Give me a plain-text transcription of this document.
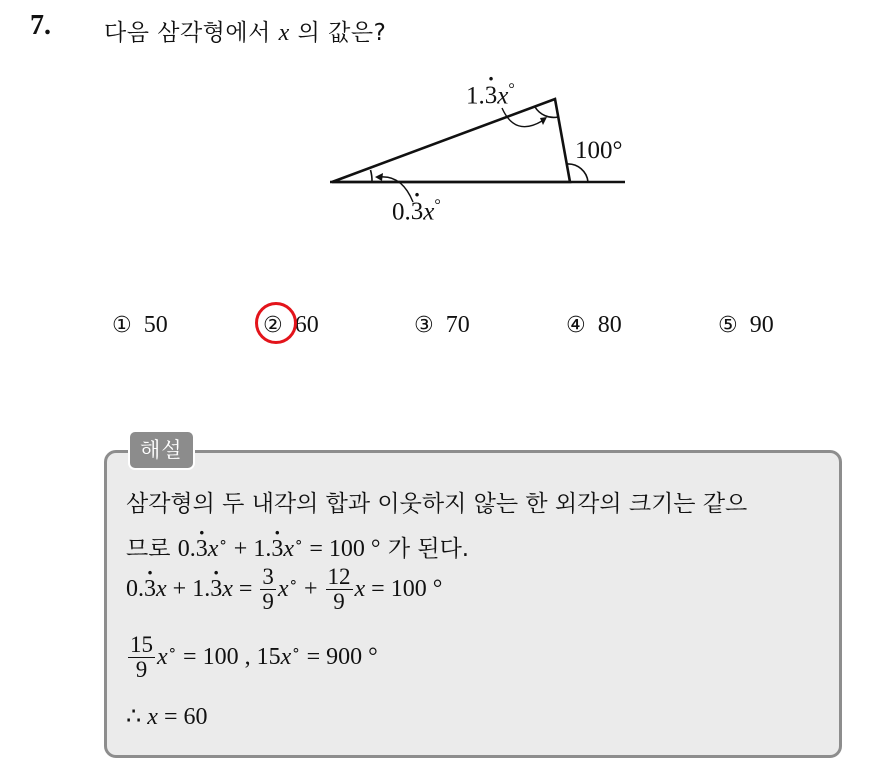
7. 다음 삼각형에서 x 의 값은?
1.· 3x°
100°
0.· 3x°
① 50	② 60	③ 70	④ 80	⑤ 90
해설
삼각형의 두 내각의 합과 이웃하지 않는 한 외각의 크기는 같으
므로 0.· 3x∘ + 1.· 3x∘ = 100 ° 가 된다.
$0.\cdot 3x + 1.\cdot 3x = \frac{3}{9} x^\circ + \frac{12}{9}$ x = 100 °
$\frac{15}{9} x^\circ = 100$ , 15x∘ = 900 °
∴ x = 60
